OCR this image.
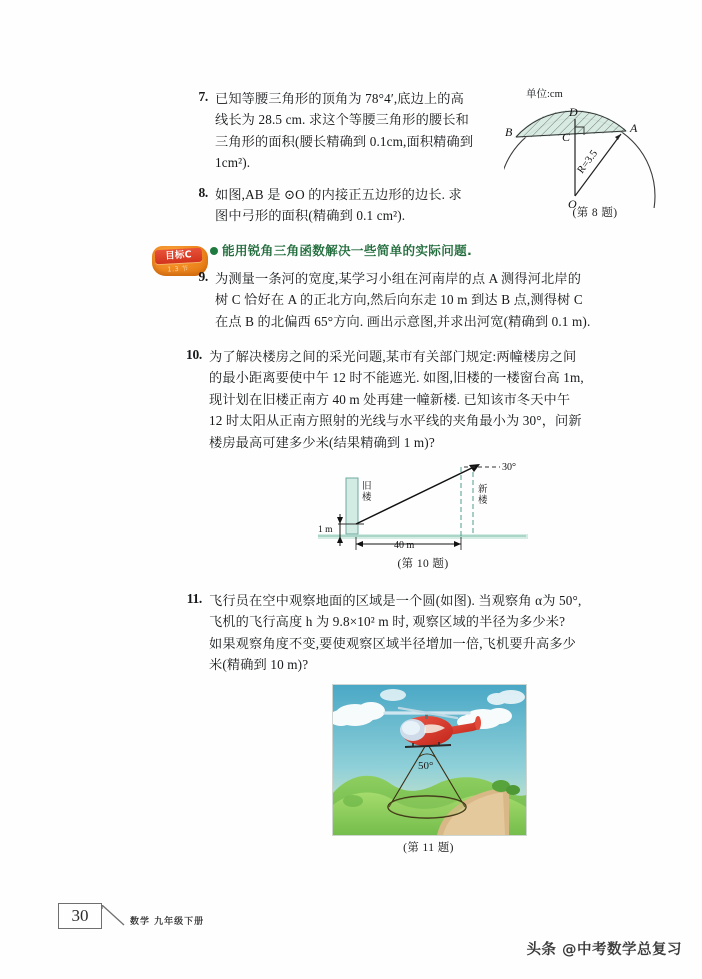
7. 已知等腰三角形的顶角为 78°4′,底边上的高
线长为 28.5 cm. 求这个等腰三角形的腰长和
三角形的面积(腰长精确到 0.1cm,面积精确到
1cm²).
单位:cm
B	A
D
C
O
R=3.5
(第 8 题)
8. 如图,AB 是 ⊙O 的内接正五边形的边长. 求
图中弓形的面积(精确到 0.1 cm²).
目标C
1.3 节
能用锐角三角函数解决一些简单的实际问题.
9. 为测量一条河的宽度,某学习小组在河南岸的点 A 测得河北岸的
树 C 恰好在 A 的正北方向,然后向东走 10 m 到达 B 点,测得树 C
在点 B 的北偏西 65°方向. 画出示意图,并求出河宽(精确到 0.1 m).
10. 为了解决楼房之间的采光问题,某市有关部门规定:两幢楼房之间
的最小距离要使中午 12 时不能遮光. 如图,旧楼的一楼窗台高 1m,
现计划在旧楼正南方 40 m 处再建一幢新楼. 已知该市冬天中午
12 时太阳从正南方照射的光线与水平线的夹角最小为 30°，问新
楼房最高可建多少米(结果精确到 1 m)?
旧
楼
新
楼
1 m
40 m
30°
(第 10 题)
11. 飞行员在空中观察地面的区域是一个圆(如图). 当观察角 α为 50°,
飞机的飞行高度 h 为 9.8×10² m 时, 观察区域的半径为多少米?
如果观察角度不变,要使观察区域半径增加一倍,飞机要升高多少
米(精确到 10 m)?
50°
(第 11 题)
30	数学 九年级下册
头条 @中考数学总复习
